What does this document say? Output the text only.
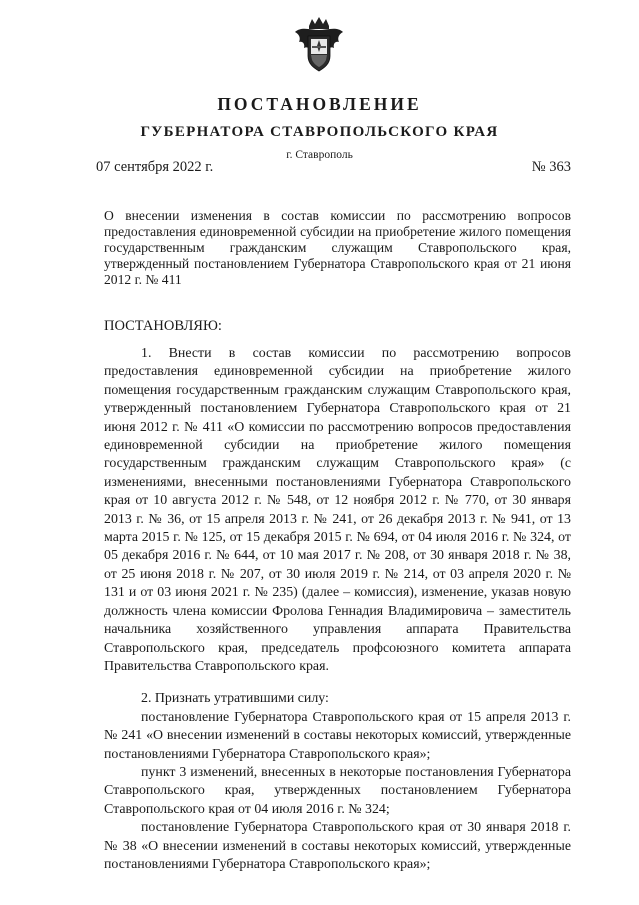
ПОСТАНОВЛЕНИЕ
ГУБЕРНАТОРА СТАВРОПОЛЬСКОГО КРАЯ
г. Ставрополь
07 сентября 2022 г.	№ 363

О внесении изменения в состав комиссии по рассмотрению вопросов предоставления единовременной субсидии на приобретение жилого помещения государственным гражданским служащим Ставропольского края, утвержденный постановлением Губернатора Ставропольского края от 21 июня 2012 г. № 411

ПОСТАНОВЛЯЮ:

1. Внести в состав комиссии по рассмотрению вопросов предоставления единовременной субсидии на приобретение жилого помещения государственным гражданским служащим Ставропольского края, утвержденный постановлением Губернатора Ставропольского края от 21 июня 2012 г. № 411 «О комиссии по рассмотрению вопросов предоставления единовременной субсидии на приобретение жилого помещения государственным гражданским служащим Ставропольского края» (с изменениями, внесенными постановлениями Губернатора Ставропольского края от 10 августа 2012 г. № 548, от 12 ноября 2012 г. № 770, от 30 января 2013 г. № 36, от 15 апреля 2013 г. № 241, от 26 декабря 2013 г. № 941, от 13 марта 2015 г. № 125, от 15 декабря 2015 г. № 694, от 04 июля 2016 г. № 324, от 05 декабря 2016 г. № 644, от 10 мая 2017 г. № 208, от 30 января 2018 г. № 38, от 25 июня 2018 г. № 207, от 30 июля 2019 г. № 214, от 03 апреля 2020 г. № 131 и от 03 июня 2021 г. № 235) (далее – комиссия), изменение, указав новую должность члена комиссии Фролова Геннадия Владимировича – заместитель начальника хозяйственного управления аппарата Правительства Ставропольского края, председатель профсоюзного комитета аппарата Правительства Ставропольского края.

2. Признать утратившими силу:

постановление Губернатора Ставропольского края от 15 апреля 2013 г. № 241 «О внесении изменений в составы некоторых комиссий, утвержденные постановлениями Губернатора Ставропольского края»;

пункт 3 изменений, внесенных в некоторые постановления Губернатора Ставропольского края, утвержденных постановлением Губернатора Ставропольского края от 04 июля 2016 г. № 324;

постановление Губернатора Ставропольского края от 30 января 2018 г. № 38 «О внесении изменений в составы некоторых комиссий, утвержденные постановлениями Губернатора Ставропольского края»;
